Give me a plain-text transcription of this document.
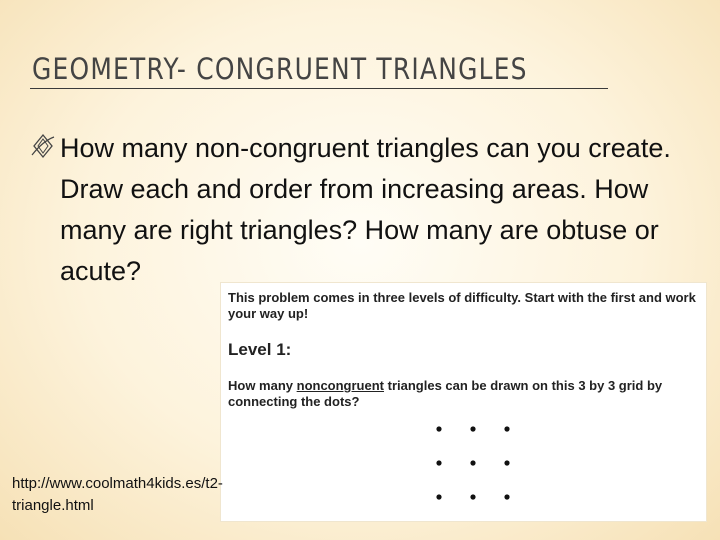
GEOMETRY- CONGRUENT TRIANGLES

How many non-congruent triangles can you create. Draw each and order from increasing areas. How many are right triangles? How many are obtuse or acute?

This problem comes in three levels of difficulty. Start with the first and work your way up!

Level 1:

How many noncongruent triangles can be drawn on this 3 by 3 grid by connecting the dots?

http://www.coolmath4kids.es/t2-triangle.html
